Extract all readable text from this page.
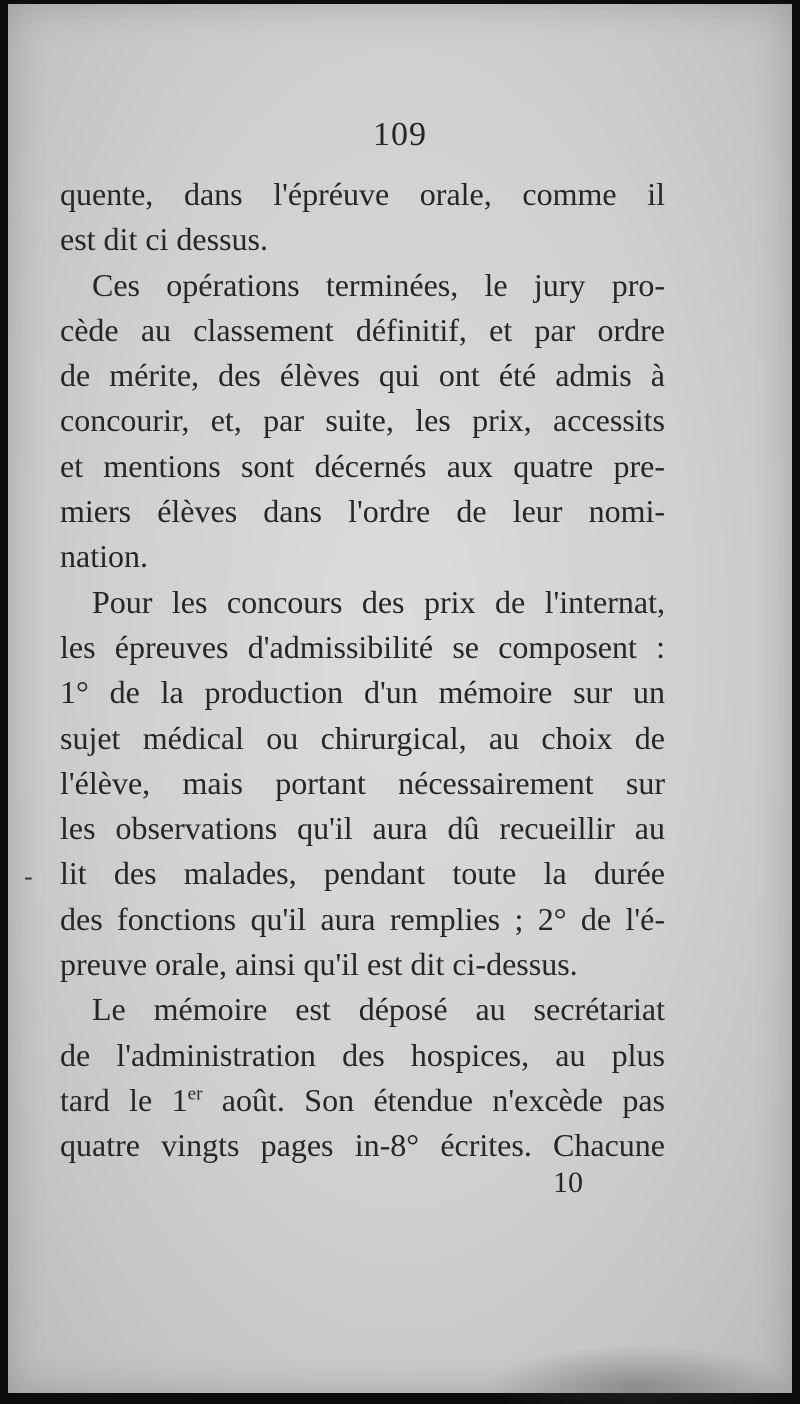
109
quente, dans l'épréuve orale, comme il
est dit ci dessus.
Ces opérations terminées, le jury pro-
cède au classement définitif, et par ordre
de mérite, des élèves qui ont été admis à
concourir, et, par suite, les prix, accessits
et mentions sont décernés aux quatre pre-
miers élèves dans l'ordre de leur nomi-
nation.
Pour les concours des prix de l'internat,
les épreuves d'admissibilité se composent :
1° de la production d'un mémoire sur un
sujet médical ou chirurgical, au choix de
l'élève, mais portant nécessairement sur
les observations qu'il aura dû recueillir au
lit des malades, pendant toute la durée
des fonctions qu'il aura remplies ; 2° de l'é-
preuve orale, ainsi qu'il est dit ci-dessus.
Le mémoire est déposé au secrétariat
de l'administration des hospices, au plus
tard le 1er août. Son étendue n'excède pas
quatre vingts pages in-8° écrites. Chacune
10
-
